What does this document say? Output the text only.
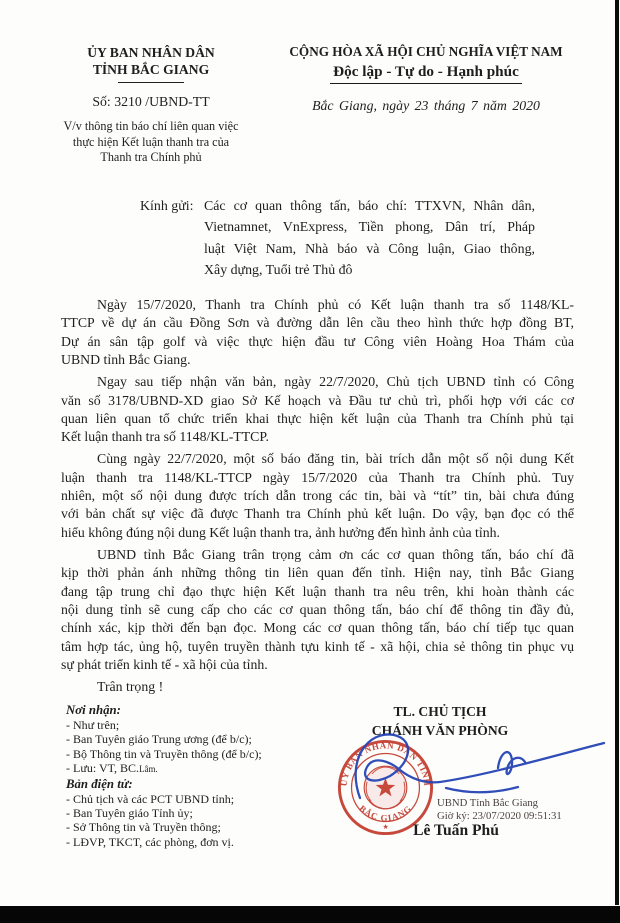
ỦY BAN NHÂN DÂN
TỈNH BẮC GIANG
Số: 3210 /UBND-TT
V/v thông tin báo chí liên quan việc
thực hiện Kết luận thanh tra của
Thanh tra Chính phủ
CỘNG HÒA XÃ HỘI CHỦ NGHĨA VIỆT NAM
Độc lập - Tự do - Hạnh phúc
Bắc Giang, ngày 23 tháng 7 năm 2020
Kính gửi: Các cơ quan thông tấn, báo chí: TTXVN, Nhân dân,
Vietnamnet, VnExpress, Tiền phong, Dân trí, Pháp
luật Việt Nam, Nhà báo và Công luận, Giao thông,
Xây dựng, Tuổi trẻ Thủ đô
Ngày 15/7/2020, Thanh tra Chính phủ có Kết luận thanh tra số 1148/KL-
TTCP về dự án cầu Đồng Sơn và đường dẫn lên cầu theo hình thức hợp đồng BT,
Dự án sân tập golf và việc thực hiện đầu tư Công viên Hoàng Hoa Thám của
UBND tỉnh Bắc Giang.
Ngay sau tiếp nhận văn bản, ngày 22/7/2020, Chủ tịch UBND tỉnh có Công
văn số 3178/UBND-XD giao Sở Kế hoạch và Đầu tư chủ trì, phối hợp với các cơ
quan liên quan tổ chức triển khai thực hiện kết luận của Thanh tra Chính phủ tại
Kết luận thanh tra số 1148/KL-TTCP.
Cùng ngày 22/7/2020, một số báo đăng tin, bài trích dẫn một số nội dung Kết
luận thanh tra 1148/KL-TTCP ngày 15/7/2020 của Thanh tra Chính phủ. Tuy
nhiên, một số nội dung được trích dẫn trong các tin, bài và “tít” tin, bài chưa đúng
với bản chất sự việc đã được Thanh tra Chính phủ kết luận. Do vậy, bạn đọc có thể
hiểu không đúng nội dung Kết luận thanh tra, ảnh hưởng đến hình ảnh của tỉnh.
UBND tỉnh Bắc Giang trân trọng cảm ơn các cơ quan thông tấn, báo chí đã
kịp thời phản ánh những thông tin liên quan đến tỉnh. Hiện nay, tỉnh Bắc Giang
đang tập trung chỉ đạo thực hiện Kết luận thanh tra nêu trên, khi hoàn thành các
nội dung tỉnh sẽ cung cấp cho các cơ quan thông tấn, báo chí để thông tin đầy đủ,
chính xác, kịp thời đến bạn đọc. Mong các cơ quan thông tấn, báo chí tiếp tục quan
tâm hợp tác, ủng hộ, tuyên truyền thành tựu kinh tế - xã hội, chia sẻ thông tin phục vụ
sự phát triển kinh tế - xã hội của tỉnh.
Trân trọng !
Nơi nhận:
- Như trên;
- Ban Tuyên giáo Trung ương (để b/c);
- Bộ Thông tin và Truyền thông (để b/c);
- Lưu: VT, BC.Lâm.
Bản điện tử:
- Chủ tịch và các PCT UBND tỉnh;
- Ban Tuyên giáo Tỉnh ủy;
- Sở Thông tin và Truyền thông;
- LĐVP, TKCT, các phòng, đơn vị.
TL. CHỦ TỊCH
CHÁNH VĂN PHÒNG
ỦY BAN NHÂN DÂN TỈNH
BẮC GIANG
★
UBND Tỉnh Bắc Giang
Giờ ký: 23/07/2020 09:51:31
Lê Tuấn Phú
